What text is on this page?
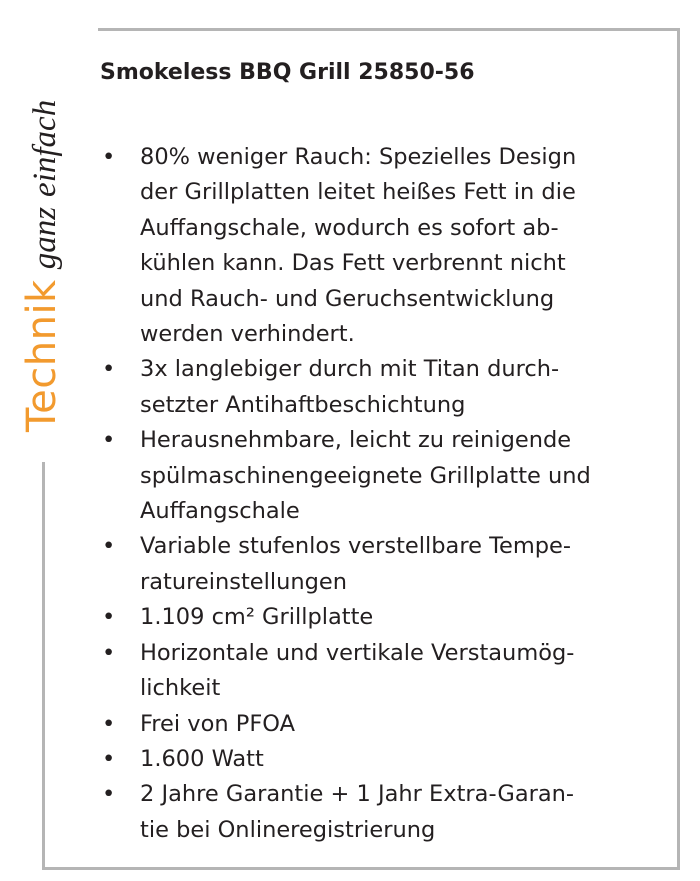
Technikganzeinfach
Smokeless BBQ Grill 25850-56
• 80% weniger Rauch: Spezielles Design
der Grillplatten leitet heißes Fett in die
Auffangschale, wodurch es sofort ab-
kühlen kann. Das Fett verbrennt nicht
und Rauch- und Geruchsentwicklung
werden verhindert.
• 3x langlebiger durch mit Titan durch-
setzter Antihaftbeschichtung
• Herausnehmbare, leicht zu reinigende
spülmaschinengeeignete Grillplatte und
Auffangschale
• Variable stufenlos verstellbare Tempe-
ratureinstellungen
• 1.109 cm² Grillplatte
• Horizontale und vertikale Verstaumög-
lichkeit
• Frei von PFOA
• 1.600 Watt
• 2 Jahre Garantie + 1 Jahr Extra-Garan-
tie bei Onlineregistrierung
